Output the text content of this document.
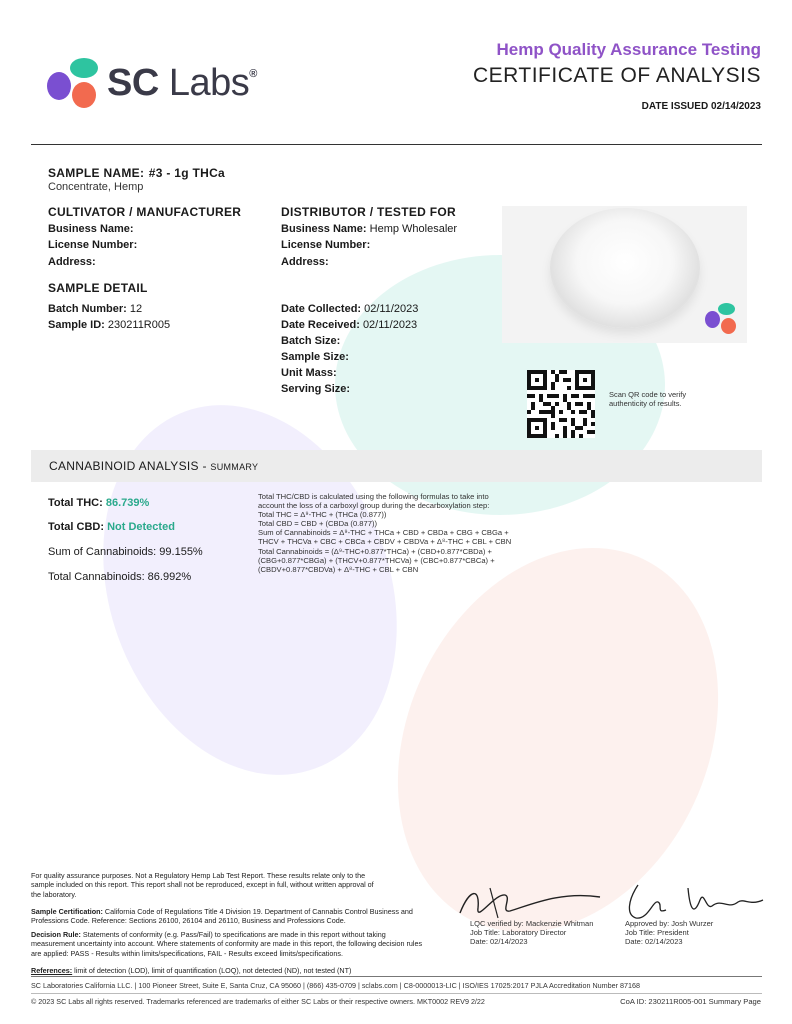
SC Labs®
Hemp Quality Assurance Testing
CERTIFICATE OF ANALYSIS
DATE ISSUED 02/14/2023
SAMPLE NAME: #3 - 1g THCa
Concentrate, Hemp
CULTIVATOR / MANUFACTURER
Business Name:
License Number:
Address:
DISTRIBUTOR / TESTED FOR
Business Name: Hemp Wholesaler
License Number:
Address:
SAMPLE DETAIL
Batch Number: 12
Sample ID: 230211R005
Date Collected: 02/11/2023
Date Received: 02/11/2023
Batch Size:
Sample Size:
Unit Mass:
Serving Size:	Scan QR code to verify
authenticity of results.
CANNABINOID ANALYSIS - SUMMARY
Total THC: 86.739%
Total CBD: Not Detected
Sum of Cannabinoids: 99.155%
Total Cannabinoids: 86.992%
Total THC/CBD is calculated using the following formulas to take into
account the loss of a carboxyl group during the decarboxylation step:
Total THC = Δ⁹-THC + (THCa (0.877))
Total CBD = CBD + (CBDa (0.877))
Sum of Cannabinoids = Δ⁹-THC + THCa + CBD + CBDa + CBG + CBGa +
THCV + THCVa + CBC + CBCa + CBDV + CBDVa + Δ⁸-THC + CBL + CBN
Total Cannabinoids = (Δ⁹-THC+0.877*THCa) + (CBD+0.877*CBDa) +
(CBG+0.877*CBGa) + (THCV+0.877*THCVa) + (CBC+0.877*CBCa) +
(CBDV+0.877*CBDVa) + Δ⁸-THC + CBL + CBN
For quality assurance purposes. Not a Regulatory Hemp Lab Test Report. These results relate only to the sample included on this report. This report shall not be reproduced, except in full, without written approval of the laboratory.
Sample Certification: California Code of Regulations Title 4 Division 19. Department of Cannabis Control Business and Professions Code. Reference: Sections 26100, 26104 and 26110, Business and Professions Code.
Decision Rule: Statements of conformity (e.g. Pass/Fail) to specifications are made in this report without taking measurement uncertainty into account. Where statements of conformity are made in this report, the following decision rules are applied: PASS - Results within limits/specifications, FAIL - Results exceed limits/specifications.
References: limit of detection (LOD), limit of quantification (LOQ), not detected (ND), not tested (NT)
LQC verified by: Mackenzie Whitman
Job Title: Laboratory Director
Date: 02/14/2023
Approved by: Josh Wurzer
Job Title: President
Date: 02/14/2023
SC Laboratories California LLC. | 100 Pioneer Street, Suite E, Santa Cruz, CA 95060 | (866) 435-0709 | sclabs.com | C8-0000013-LIC | ISO/IES 17025:2017 PJLA Accreditation Number 87168
© 2023 SC Labs all rights reserved. Trademarks referenced are trademarks of either SC Labs or their respective owners. MKT0002 REV9 2/22	CoA ID: 230211R005-001 Summary Page
